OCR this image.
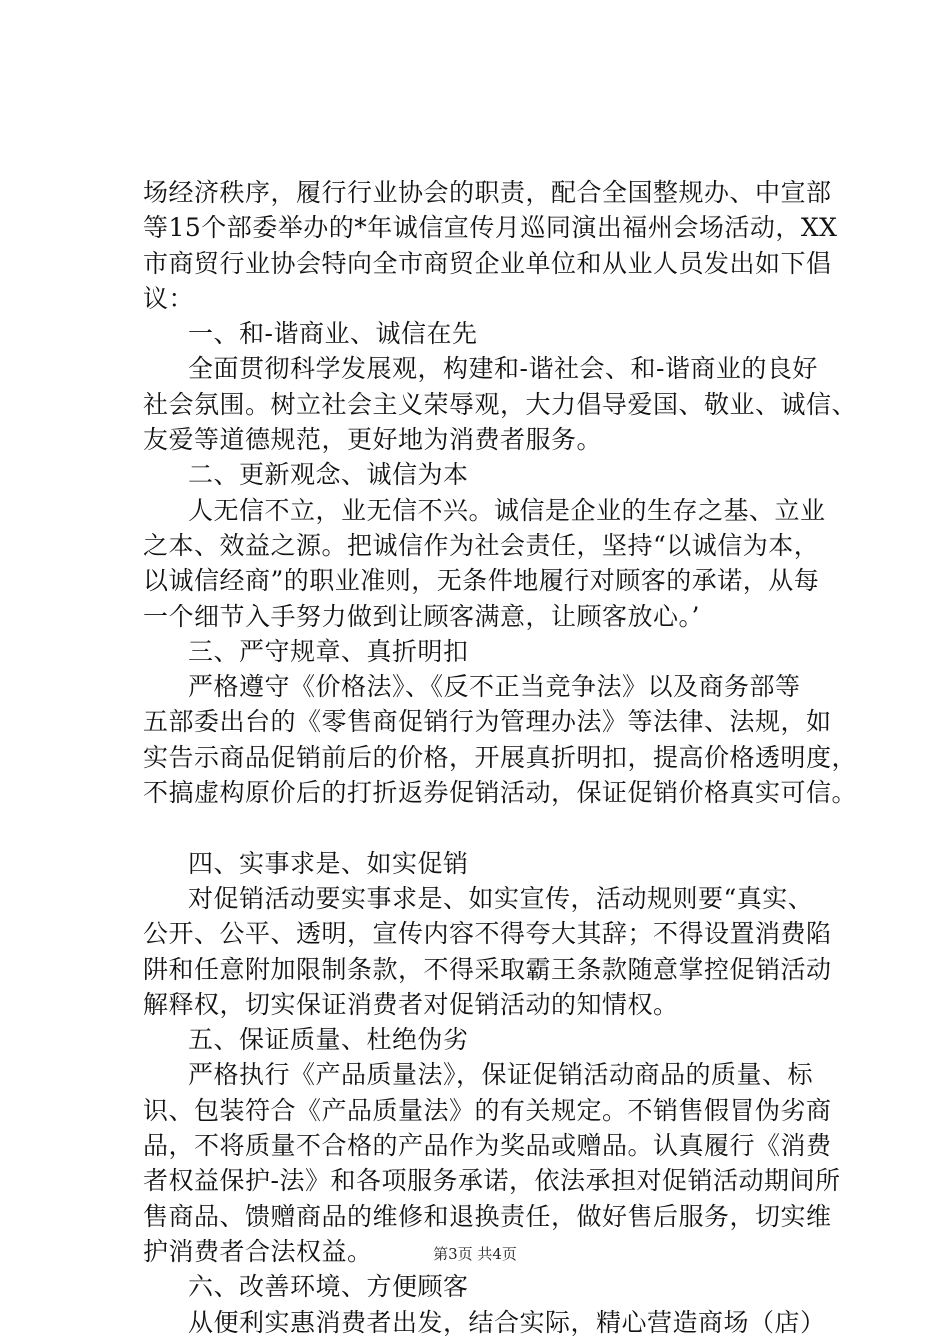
场经济秩序，履行行业协会的职责，配合全国整规办、中宣部
等15个部委举办的*年诚信宣传月巡同演出福州会场活动，XX
市商贸行业协会特向全市商贸企业单位和从业人员发出如下倡
议：
一、和-谐商业、诚信在先
全面贯彻科学发展观，构建和-谐社会、和-谐商业的良好
社会氛围。树立社会主义荣辱观，大力倡导爱国、敬业、诚信、
友爱等道德规范，更好地为消费者服务。
二、更新观念、诚信为本
人无信不立，业无信不兴。诚信是企业的生存之基、立业
之本、效益之源。把诚信作为社会责任，坚持“以诚信为本，
以诚信经商”的职业准则，无条件地履行对顾客的承诺，从每
一个细节入手努力做到让顾客满意，让顾客放心。’
三、严守规章、真折明扣
严格遵守《价格法》、《反不正当竞争法》以及商务部等
五部委出台的《零售商促销行为管理办法》等法律、法规，如
实告示商品促销前后的价格，开展真折明扣，提高价格透明度，
不搞虚构原价后的打折返券促销活动，保证促销价格真实可信。
四、实事求是、如实促销
对促销活动要实事求是、如实宣传，活动规则要“真实、
公开、公平、透明，宣传内容不得夸大其辞；不得设置消费陷
阱和任意附加限制条款，不得采取霸王条款随意掌控促销活动
解释权，切实保证消费者对促销活动的知情权。
五、保证质量、杜绝伪劣
严格执行《产品质量法》，保证促销活动商品的质量、标
识、包装符合《产品质量法》的有关规定。不销售假冒伪劣商
品，不将质量不合格的产品作为奖品或赠品。认真履行《消费
者权益保护-法》和各项服务承诺，依法承担对促销活动期间所
售商品、馈赠商品的维修和退换责任，做好售后服务，切实维
护消费者合法权益。
六、改善环境、方便顾客
从便利实惠消费者出发，结合实际，精心营造商场（店）
第3页 共4页
